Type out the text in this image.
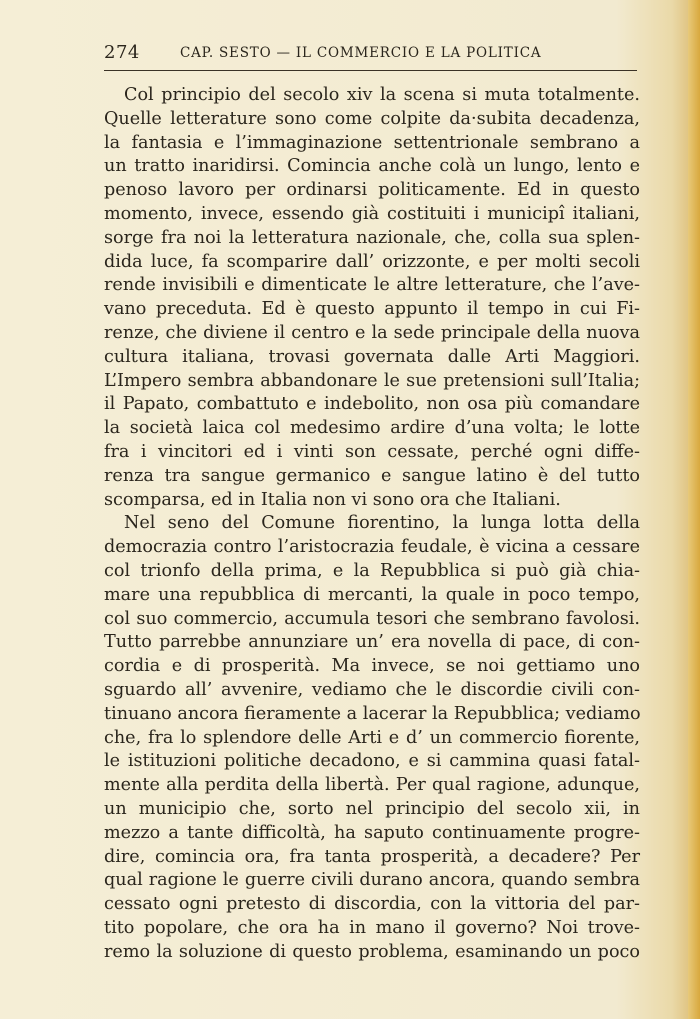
274	CAP. SESTO — IL COMMERCIO E LA POLITICA
Col principio del secolo xiv la scena si muta totalmente.
Quelle letterature sono come colpite da·subita decadenza,
la fantasia e l’immaginazione settentrionale sembrano a
un tratto inaridirsi. Comincia anche colà un lungo, lento e
penoso lavoro per ordinarsi politicamente. Ed in questo
momento, invece, essendo già costituiti i municipî italiani,
sorge fra noi la letteratura nazionale, che, colla sua splen-
dida luce, fa scomparire dall’ orizzonte, e per molti secoli
rende invisibili e dimenticate le altre letterature, che l’ave-
vano preceduta. Ed è questo appunto il tempo in cui Fi-
renze, che diviene il centro e la sede principale della nuova
cultura italiana, trovasi governata dalle Arti Maggiori.
L’Impero sembra abbandonare le sue pretensioni sull’Italia;
il Papato, combattuto e indebolito, non osa più comandare
la società laica col medesimo ardire d’una volta; le lotte
fra i vincitori ed i vinti son cessate, perché ogni diffe-
renza tra sangue germanico e sangue latino è del tutto
scomparsa, ed in Italia non vi sono ora che Italiani.
Nel seno del Comune fiorentino, la lunga lotta della
democrazia contro l’aristocrazia feudale, è vicina a cessare
col trionfo della prima, e la Repubblica si può già chia-
mare una repubblica di mercanti, la quale in poco tempo,
col suo commercio, accumula tesori che sembrano favolosi.
Tutto parrebbe annunziare un’ era novella di pace, di con-
cordia e di prosperità. Ma invece, se noi gettiamo uno
sguardo all’ avvenire, vediamo che le discordie civili con-
tinuano ancora fieramente a lacerar la Repubblica; vediamo
che, fra lo splendore delle Arti e d’ un commercio fiorente,
le istituzioni politiche decadono, e si cammina quasi fatal-
mente alla perdita della libertà. Per qual ragione, adunque,
un municipio che, sorto nel principio del secolo xii, in
mezzo a tante difficoltà, ha saputo continuamente progre-
dire, comincia ora, fra tanta prosperità, a decadere? Per
qual ragione le guerre civili durano ancora, quando sembra
cessato ogni pretesto di discordia, con la vittoria del par-
tito popolare, che ora ha in mano il governo? Noi trove-
remo la soluzione di questo problema, esaminando un poco
